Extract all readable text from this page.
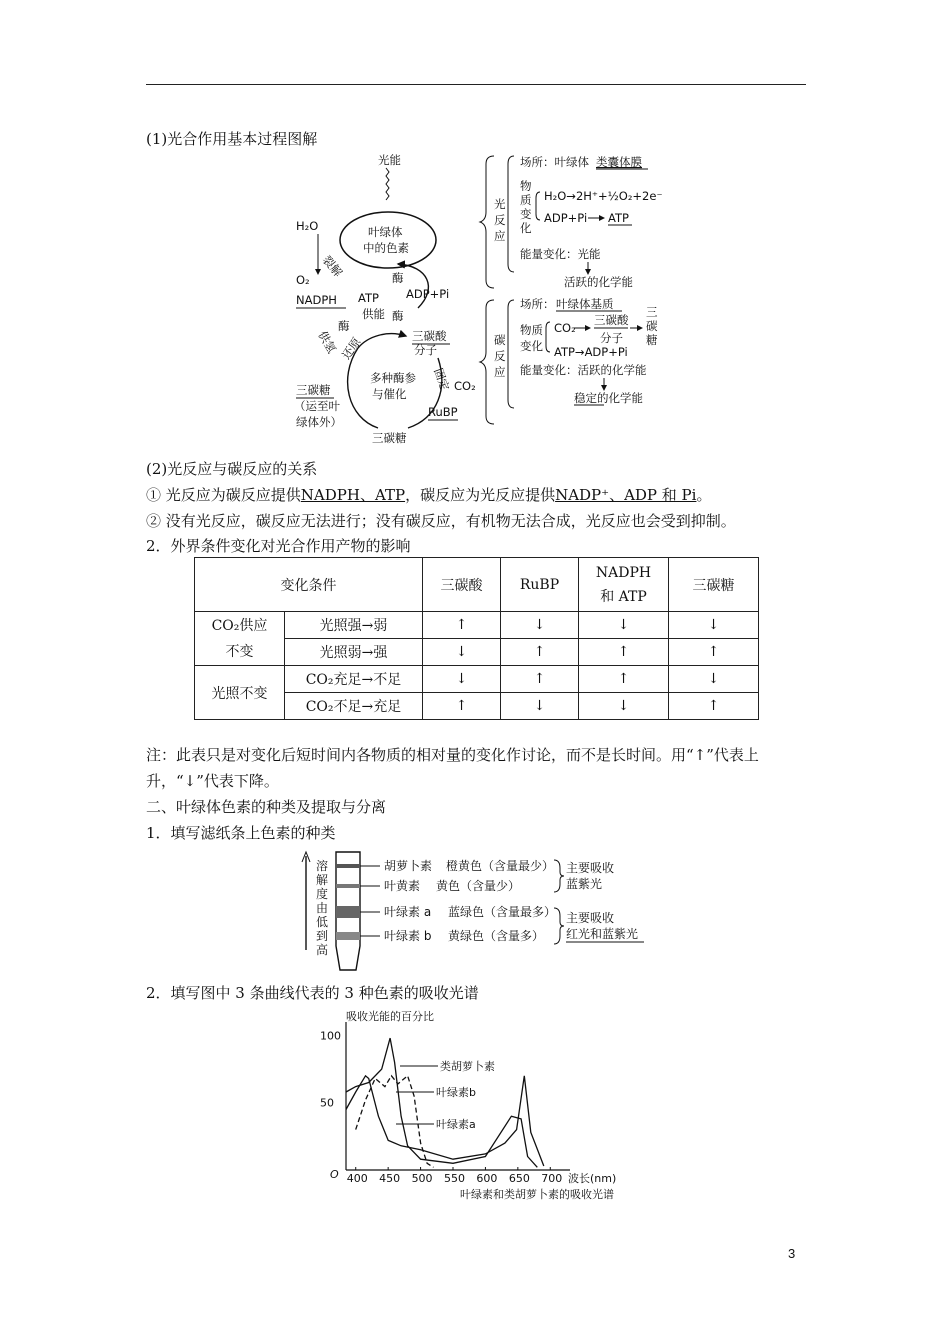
(1)光合作用基本过程图解
光能
叶绿体
中的色素
H₂O
裂解
O₂
NADPH ATP
供能
ADP+Pi
酶
酶
供氢
酶
三碳酸
分子
还原
固定 CO₂
多种酶参
与催化
三碳糖
（运至叶
绿体外）
RuBP
三碳糖
光
反
应
场所：叶绿体 类囊体膜
物
质
变
化
H₂O→2H⁺+½O₂+2e⁻
ADP+Pi ATP
能量变化：光能
活跃的化学能
碳
反
应
场所： 叶绿体基质
物质
变化
CO₂
三碳酸
分子
三
碳
糖
ATP→ADP+Pi
能量变化：活跃的化学能
稳定的化学能
(2)光反应与碳反应的关系
① 光反应为碳反应提供NADPH、ATP，碳反应为光反应提供NADP⁺、ADP 和 Pi。
② 没有光反应，碳反应无法进行；没有碳反应，有机物无法合成，光反应也会受到抑制。
2．外界条件变化对光合作用产物的影响
变化条件		三碳酸	RuBP	NADPH 和 ATP	三碳糖
CO₂供应不变	光照强→弱	↑	↓	↓	↓
	光照弱→强	↓	↑	↑	↑
光照不变	CO₂充足→不足	↓	↑	↑	↓
	CO₂不足→充足	↑	↓	↓	↑
注：此表只是对变化后短时间内各物质的相对量的变化作讨论，而不是长时间。用“↑”代表上升，“↓”代表下降。
二、叶绿体色素的种类及提取与分离
1．填写滤纸条上色素的种类
溶
解
度
由
低
到
高
胡萝卜素 橙黄色（含量最少）
叶黄素 黄色（含量少）
叶绿素 a 蓝绿色（含量最多）
叶绿素 b 黄绿色（含量多）
主要吸收
蓝紫光
主要吸收
红光和蓝紫光
2．填写图中 3 条曲线代表的 3 种色素的吸收光谱
吸收光能的百分比
叶绿素和类胡萝卜素的吸收光谱
O 400 450 500 550 600 650 700
50
100
波长(nm)
类胡萝卜素
叶绿素b
叶绿素a
3
